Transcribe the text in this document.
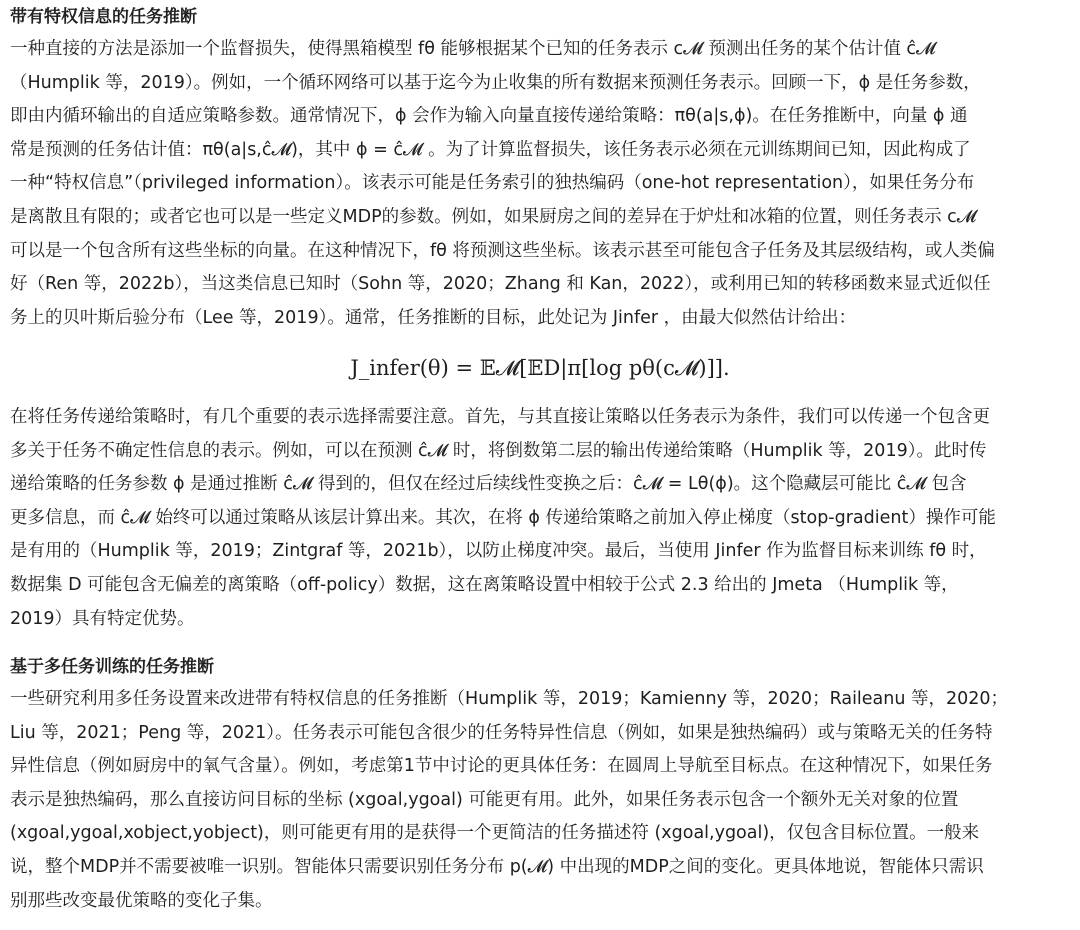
带有特权信息的任务推断
一种直接的方法是添加一个监督损失，使得黑箱模型 fθ 能够根据某个已知的任务表示 c𝓜 预测出任务的某个估计值 ĉ𝓜
（Humplik 等，2019）。例如，一个循环网络可以基于迄今为止收集的所有数据来预测任务表示。回顾一下，ϕ 是任务参数，
即由内循环输出的自适应策略参数。通常情况下，ϕ 会作为输入向量直接传递给策略：πθ(a|s,ϕ)。在任务推断中，向量 ϕ 通
常是预测的任务估计值：πθ(a|s,ĉ𝓜)，其中 ϕ = ĉ𝓜 。为了计算监督损失，该任务表示必须在元训练期间已知，因此构成了
一种“特权信息”（privileged information）。该表示可能是任务索引的独热编码（one-hot representation），如果任务分布
是离散且有限的；或者它也可以是一些定义MDP的参数。例如，如果厨房之间的差异在于炉灶和冰箱的位置，则任务表示 c𝓜
可以是一个包含所有这些坐标的向量。在这种情况下，fθ 将预测这些坐标。该表示甚至可能包含子任务及其层级结构，或人类偏
好（Ren 等，2022b），当这类信息已知时（Sohn 等，2020；Zhang 和 Kan，2022），或利用已知的转移函数来显式近似任
务上的贝叶斯后验分布（Lee 等，2019）。通常，任务推断的目标，此处记为 Jinfer ，由最大似然估计给出：
J_infer(θ) = 𝔼𝓜[𝔼D|π[log pθ(c𝓜)]].
在将任务传递给策略时，有几个重要的表示选择需要注意。首先，与其直接让策略以任务表示为条件，我们可以传递一个包含更
多关于任务不确定性信息的表示。例如，可以在预测 ĉ𝓜 时，将倒数第二层的输出传递给策略（Humplik 等，2019）。此时传
递给策略的任务参数 ϕ 是通过推断 ĉ𝓜 得到的，但仅在经过后续线性变换之后：ĉ𝓜 = Lθ(ϕ)。这个隐藏层可能比 ĉ𝓜 包含
更多信息，而 ĉ𝓜 始终可以通过策略从该层计算出来。其次，在将 ϕ 传递给策略之前加入停止梯度（stop-gradient）操作可能
是有用的（Humplik 等，2019；Zintgraf 等，2021b），以防止梯度冲突。最后，当使用 Jinfer 作为监督目标来训练 fθ 时，
数据集 D 可能包含无偏差的离策略（off-policy）数据，这在离策略设置中相较于公式 2.3 给出的 Jmeta （Humplik 等，
2019）具有特定优势。
基于多任务训练的任务推断
一些研究利用多任务设置来改进带有特权信息的任务推断（Humplik 等，2019；Kamienny 等，2020；Raileanu 等，2020；
Liu 等，2021；Peng 等，2021）。任务表示可能包含很少的任务特异性信息（例如，如果是独热编码）或与策略无关的任务特
异性信息（例如厨房中的氧气含量）。例如，考虑第1节中讨论的更具体任务：在圆周上导航至目标点。在这种情况下，如果任务
表示是独热编码，那么直接访问目标的坐标 (xgoal,ygoal) 可能更有用。此外，如果任务表示包含一个额外无关对象的位置
(xgoal,ygoal,xobject,yobject)，则可能更有用的是获得一个更简洁的任务描述符 (xgoal,ygoal)，仅包含目标位置。一般来
说，整个MDP并不需要被唯一识别。智能体只需要识别任务分布 p(𝓜) 中出现的MDP之间的变化。更具体地说，智能体只需识
别那些改变最优策略的变化子集。
